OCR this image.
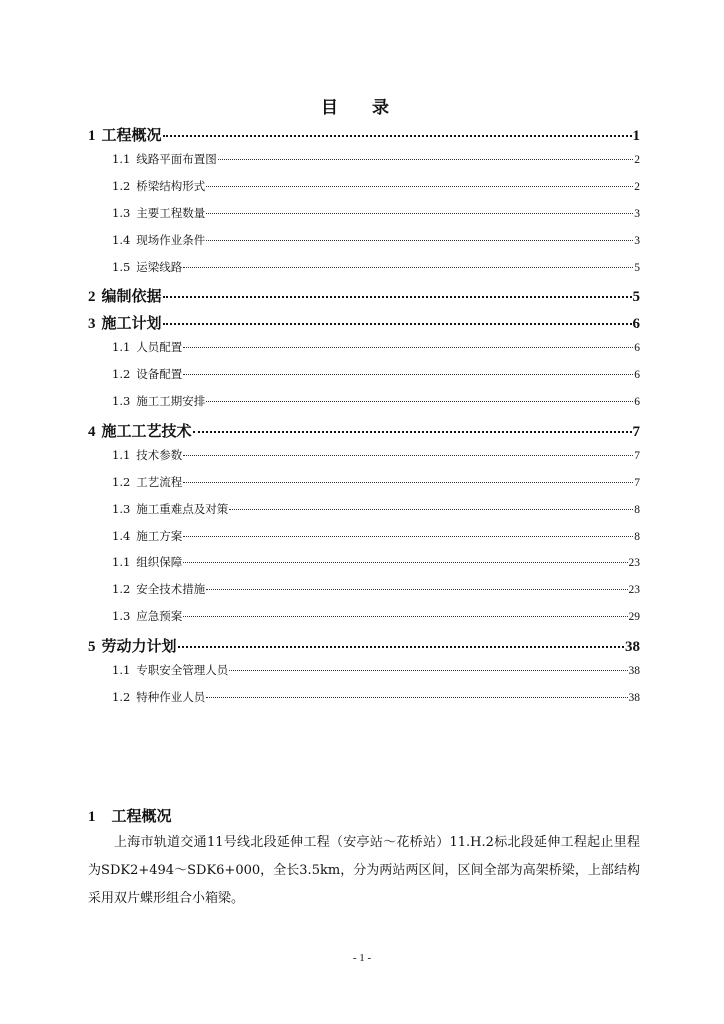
目 录
1 工程概况	1
1.1 线路平面布置图	2
1.2 桥梁结构形式	2
1.3 主要工程数量	3
1.4 现场作业条件	3
1.5 运梁线路	5
2 编制依据	5
3 施工计划	6
1.1 人员配置	6
1.2 设备配置	6
1.3 施工工期安排	6
4 施工工艺技术	7
1.1 技术参数	7
1.2 工艺流程	7
1.3 施工重难点及对策	8
1.4 施工方案	8
1.1 组织保障	23
1.2 安全技术措施	23
1.3 应急预案	29
5 劳动力计划	38
1.1 专职安全管理人员	38
1.2 特种作业人员	38
1 工程概况
上海市轨道交通11号线北段延伸工程（安亭站～花桥站）11.H.2标北段延伸工程起止里程为SDK2+494～SDK6+000，全长3.5km，分为两站两区间，区间全部为高架桥梁，上部结构采用双片蝶形组合小箱梁。
- 1 -
